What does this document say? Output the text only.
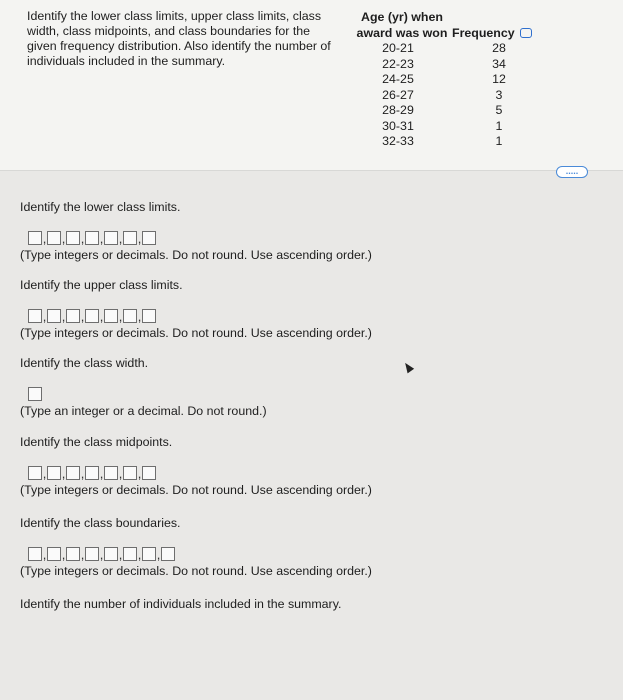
Identify the lower class limits, upper class limits, class width, class midpoints, and class boundaries for the given frequency distribution. Also identify the number of individuals included in the summary.
Age (yr) when
award was won Frequency
20-21	28
22-23	34
24-25	12
26-27	3
28-29	5
30-31	1
32-33	1
.....
Identify the lower class limits.
, , , , , ,
(Type integers or decimals. Do not round. Use ascending order.)
Identify the upper class limits.
, , , , , ,
(Type integers or decimals. Do not round. Use ascending order.)
Identify the class width.
(Type an integer or a decimal. Do not round.)
Identify the class midpoints.
, , , , , ,
(Type integers or decimals. Do not round. Use ascending order.)
Identify the class boundaries.
, , , , , , ,
(Type integers or decimals. Do not round. Use ascending order.)
Identify the number of individuals included in the summary.
